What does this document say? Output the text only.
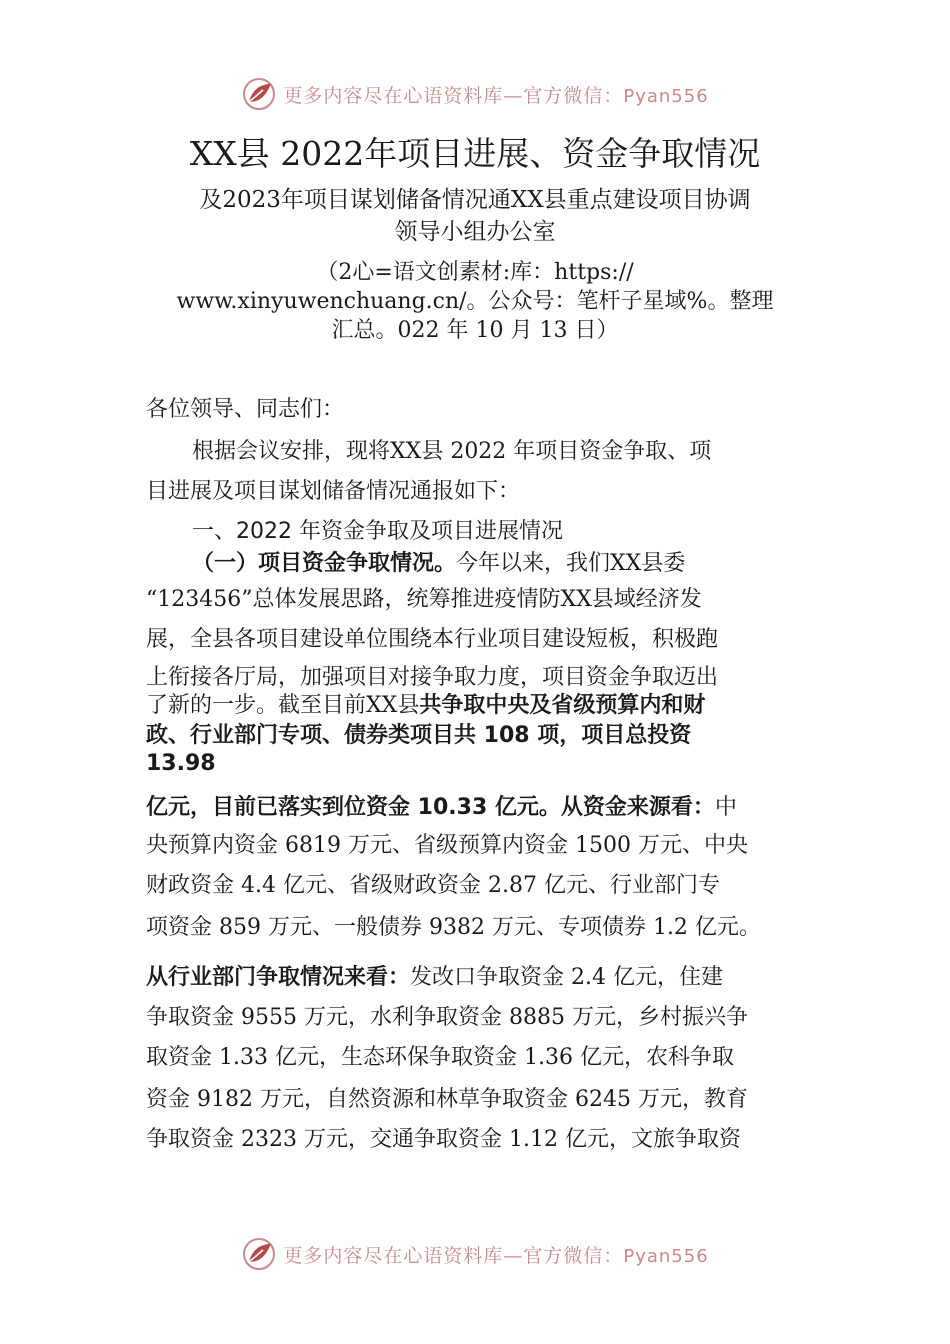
更多内容尽在心语资料库—官方微信：Pyan556
XX县 2022年项目进展、资金争取情况
及2023年项目谋划储备情况通XX县重点建设项目协调
领导小组办公室
（2心=语文创素材:库：https://
www.xinyuwenchuang.cn/。公众号：笔杆子星域%。整理
汇总。022 年 10 月 13 日）
各位领导、同志们：
根据会议安排，现将XX县 2022 年项目资金争取、项
目进展及项目谋划储备情况通报如下：
一、2022 年资金争取及项目进展情况
（一）项目资金争取情况。今年以来，我们XX县委
“123456”总体发展思路，统筹推进疫情防XX县域经济发
展，全县各项目建设单位围绕本行业项目建设短板，积极跑
上衔接各厅局，加强项目对接争取力度，项目资金争取迈出
了新的一步。截至目前XX县共争取中央及省级预算内和财
政、行业部门专项、债券类项目共 108 项，项目总投资
13.98
亿元，目前已落实到位资金 10.33 亿元。从资金来源看：中
央预算内资金 6819 万元、省级预算内资金 1500 万元、中央
财政资金 4.4 亿元、省级财政资金 2.87 亿元、行业部门专
项资金 859 万元、一般债券 9382 万元、专项债券 1.2 亿元。
从行业部门争取情况来看：发改口争取资金 2.4 亿元，住建
争取资金 9555 万元，水利争取资金 8885 万元，乡村振兴争
取资金 1.33 亿元，生态环保争取资金 1.36 亿元，农科争取
资金 9182 万元，自然资源和林草争取资金 6245 万元，教育
争取资金 2323 万元，交通争取资金 1.12 亿元，文旅争取资
更多内容尽在心语资料库—官方微信：Pyan556
